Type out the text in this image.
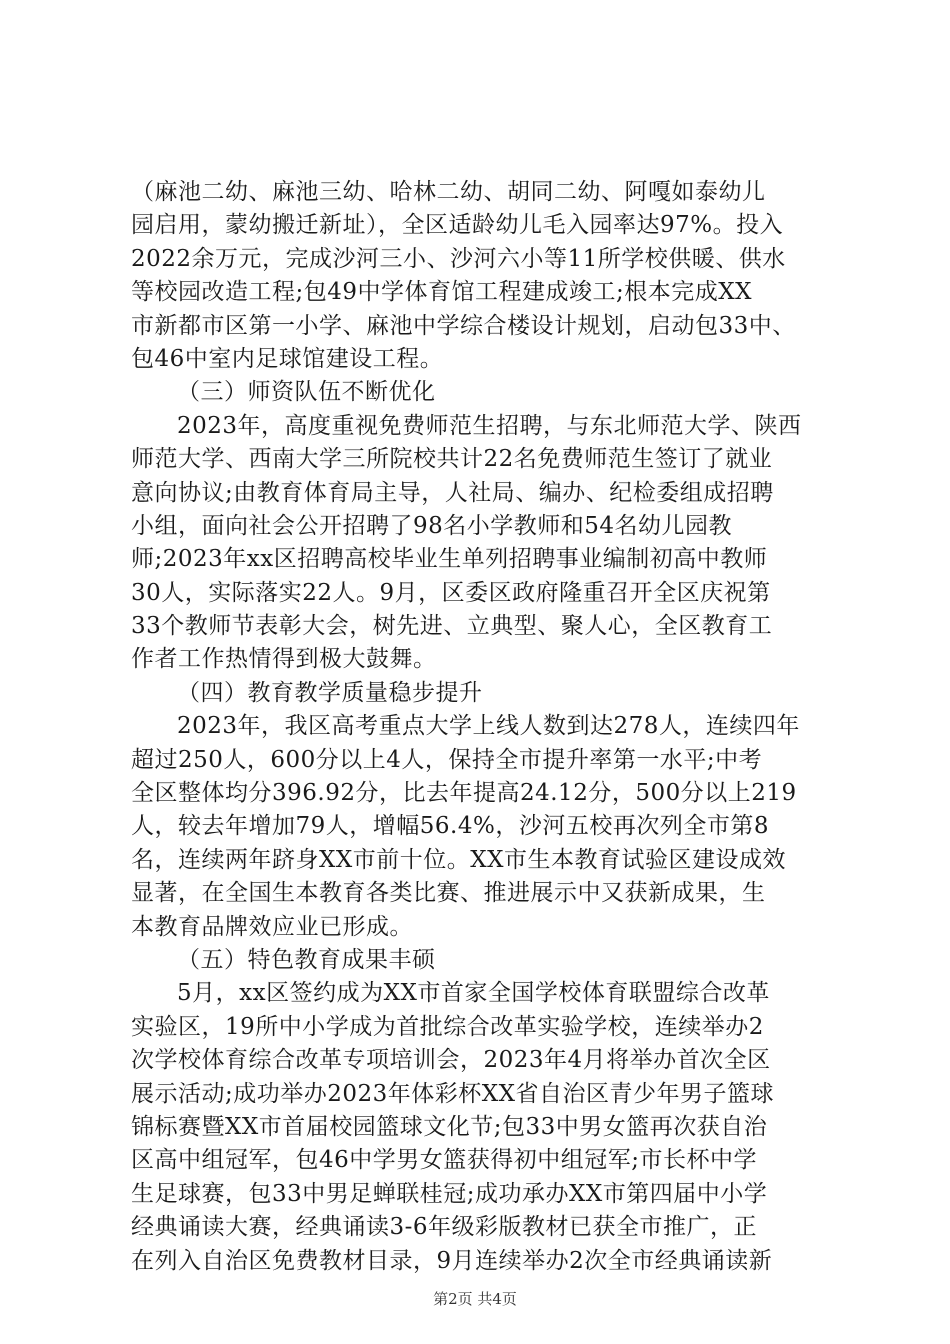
（麻池二幼、麻池三幼、哈林二幼、胡同二幼、阿嘎如泰幼儿
园启用，蒙幼搬迁新址），全区适龄幼儿毛入园率达97%。投入
2022余万元，完成沙河三小、沙河六小等11所学校供暖、供水
等校园改造工程;包49中学体育馆工程建成竣工;根本完成XX
市新都市区第一小学、麻池中学综合楼设计规划，启动包33中、
包46中室内足球馆建设工程。
（三）师资队伍不断优化
2023年，高度重视免费师范生招聘，与东北师范大学、陕西
师范大学、西南大学三所院校共计22名免费师范生签订了就业
意向协议;由教育体育局主导，人社局、编办、纪检委组成招聘
小组，面向社会公开招聘了98名小学教师和54名幼儿园教
师;2023年xx区招聘高校毕业生单列招聘事业编制初高中教师
30人，实际落实22人。9月，区委区政府隆重召开全区庆祝第
33个教师节表彰大会，树先进、立典型、聚人心，全区教育工
作者工作热情得到极大鼓舞。
（四）教育教学质量稳步提升
2023年，我区高考重点大学上线人数到达278人，连续四年
超过250人，600分以上4人，保持全市提升率第一水平;中考
全区整体均分396.92分，比去年提高24.12分，500分以上219
人，较去年增加79人，增幅56.4%，沙河五校再次列全市第8
名，连续两年跻身XX市前十位。XX市生本教育试验区建设成效
显著，在全国生本教育各类比赛、推进展示中又获新成果，生
本教育品牌效应业已形成。
（五）特色教育成果丰硕
5月，xx区签约成为XX市首家全国学校体育联盟综合改革
实验区，19所中小学成为首批综合改革实验学校，连续举办2
次学校体育综合改革专项培训会，2023年4月将举办首次全区
展示活动;成功举办2023年体彩杯XX省自治区青少年男子篮球
锦标赛暨XX市首届校园篮球文化节;包33中男女篮再次获自治
区高中组冠军，包46中学男女篮获得初中组冠军;市长杯中学
生足球赛，包33中男足蝉联桂冠;成功承办XX市第四届中小学
经典诵读大赛，经典诵读3-6年级彩版教材已获全市推广，正
在列入自治区免费教材目录，9月连续举办2次全市经典诵读新
第2页 共4页
